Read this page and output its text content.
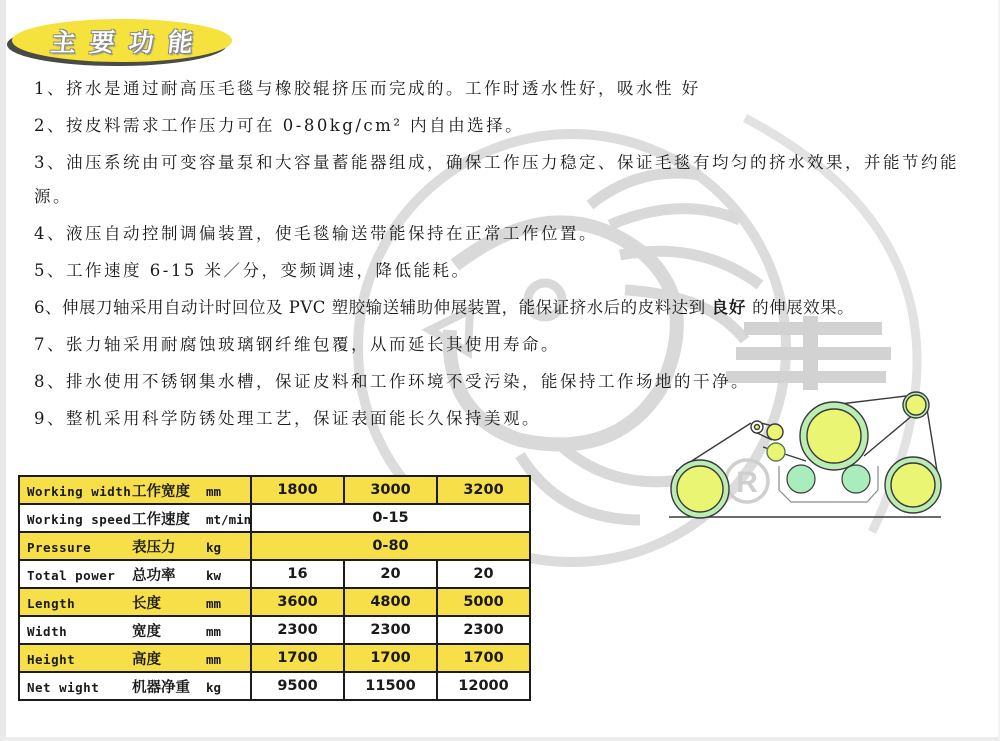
R
主要功能

1、挤水是通过耐高压毛毯与橡胶辊挤压而完成的。工作时透水性好，吸水性 好

2、按皮料需求工作压力可在 0-80kg/cm² 内自由选择。

3、油压系统由可变容量泵和大容量蓄能器组成，确保工作压力稳定、保证毛毯有均匀的挤水效果，并能节约能源。

4、液压自动控制调偏装置，使毛毯输送带能保持在正常工作位置。

5、工作速度 6-15 米／分，变频调速，降低能耗。

6、伸展刀轴采用自动计时回位及 PVC 塑胶输送辅助伸展装置，能保证挤水后的皮料达到 良好 的伸展效果。

7、张力轴采用耐腐蚀玻璃钢纤维包覆，从而延长其使用寿命。

8、排水使用不锈钢集水槽，保证皮料和工作环境不受污染，能保持工作场地的干净。

9、整机采用科学防锈处理工艺，保证表面能长久保持美观。

Working width工作宽度 mm	1800	3000	3200
Working speed工作速度 mt/min	0-15		
Pressure 表压力 kg	0-80		
Total power 总功率 kw	16	20	20
Length 长度 mm	3600	4800	5000
Width 宽度 mm	2300	2300	2300
Height 高度 mm	1700	1700	1700
Net wight 机器净重 kg	9500	11500	12000
